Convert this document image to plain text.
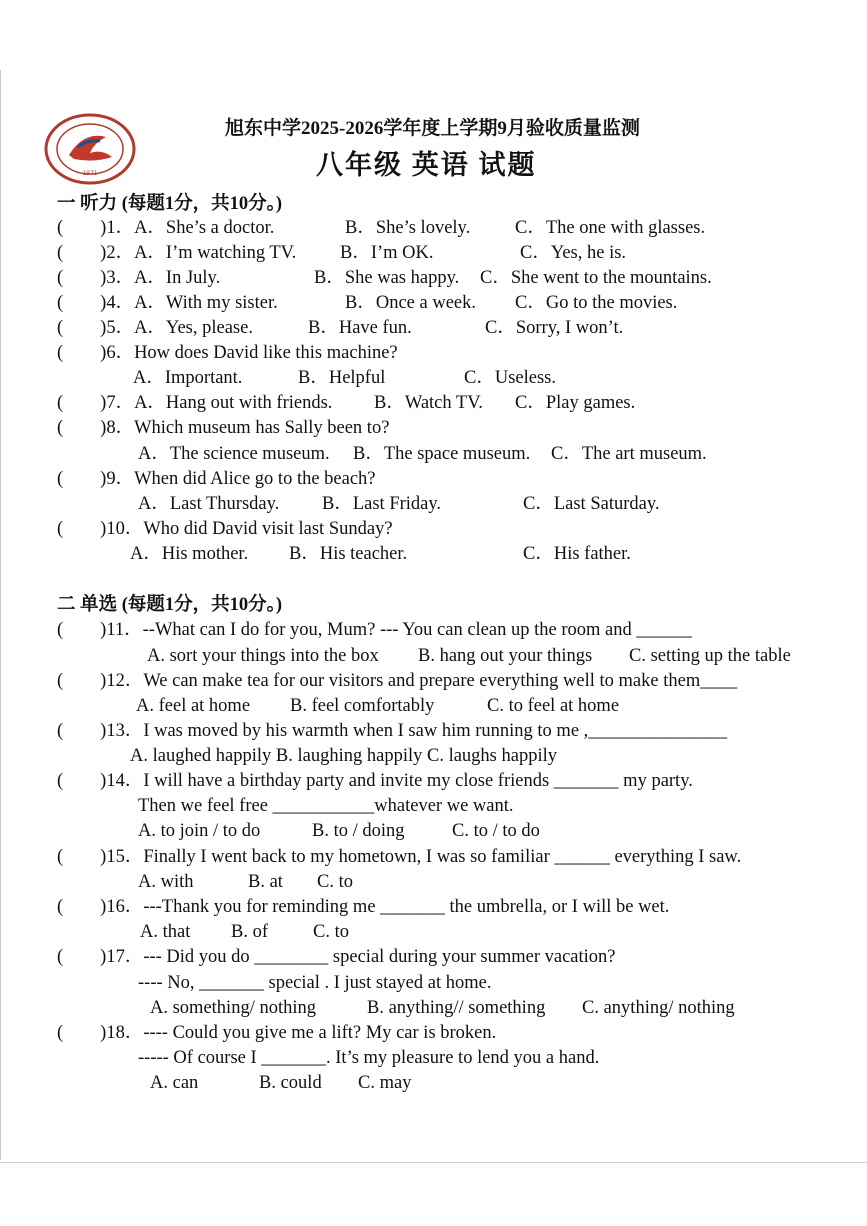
1971
旭东中学2025-2026学年度上学期9月验收质量监测
八年级 英语 试题
一 听力 (每题1分，共10分。)
(　　)1．A．She’s a doctor.	B．She’s lovely. C．The one with glasses.
(　　)2．A．I’m watching TV. B．I’m OK.	C．Yes, he is.
(　　)3．A．In July.	B．She was happy. C．She went to the mountains.
(　　)4．A．With my sister.	B．Once a week. C．Go to the movies.
(　　)5．A．Yes, please.	B．Have fun.	C．Sorry, I won’t.
(　　)6．How does David like this machine?
A．Important.	B．Helpful	C．Useless.
(　　)7．A．Hang out with friends. B．Watch TV. C．Play games.
(　　)8．Which museum has Sally been to?
A．The science museum. B．The space museum. C．The art museum.
(　　)9．When did Alice go to the beach?
A．Last Thursday. B．Last Friday.	C．Last Saturday.
(　　)10．Who did David visit last Sunday?
A．His mother. B．His teacher.	C．His father.
二 单选 (每题1分，共10分。)
(　　)11．--What can I do for you, Mum? --- You can clean up the room and ______
A. sort your things into the box B. hang out your things C. setting up the table
(　　)12．We can make tea for our visitors and prepare everything well to make them____
A. feel at home B. feel comfortably	C. to feel at home
(　　)13．I was moved by his warmth when I saw him running to me ,_______________
A. laughed happily B. laughing happily C. laughs happily
(　　)14．I will have a birthday party and invite my close friends _______ my party.
Then we feel free ___________whatever we want.
A. to join / to do	B. to / doing	C. to / to do
(　　)15．Finally I went back to my hometown, I was so familiar ______ everything I saw.
A. with	B. at C. to
(　　)16．---Thank you for reminding me _______ the umbrella, or I will be wet.
A. that B. of C. to
(　　)17．--- Did you do ________ special during your summer vacation?
---- No, _______ special . I just stayed at home.
A. something/ nothing	B. anything// something C. anything/ nothing
(　　)18．---- Could you give me a lift? My car is broken.
----- Of course I _______. It’s my pleasure to lend you a hand.
A. can	B. could C. may
